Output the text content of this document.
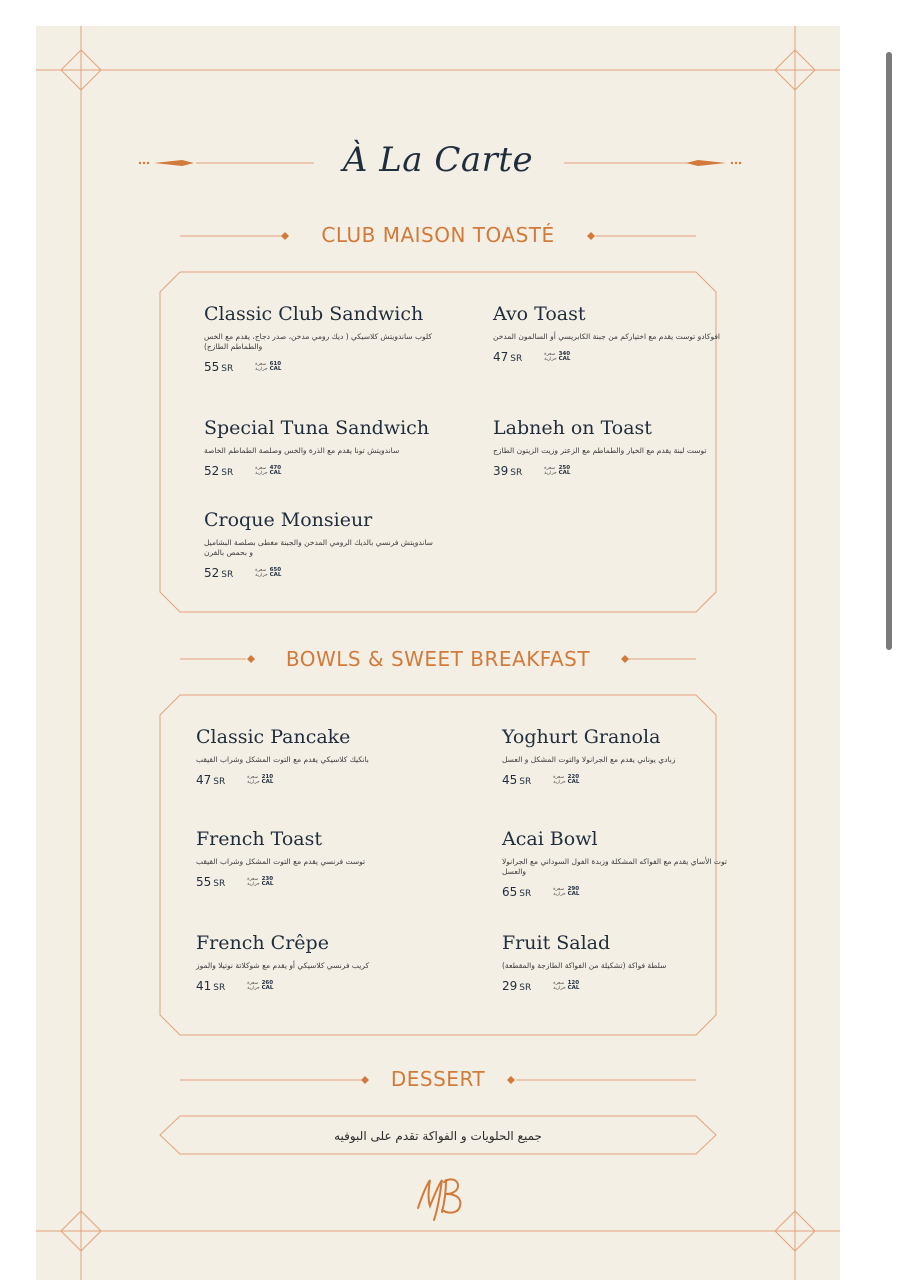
À La Carte
CLUB MAISON TOASTÉ
BOWLS & SWEET BREAKFAST
DESSERT
Classic Club Sandwich
كلوب ساندويتش كلاسيكي ( ديك رومي مدخن، صدر دجاج، يقدم مع الخس والطماطم الطازج)
55 SR	سعرة
حرارية
610
CAL
Avo Toast
افوكادو توست يقدم مع اختياركم من جبنة الكابريسي أو السالمون المدخن
47 SR	سعرة
حرارية
340
CAL
Special Tuna Sandwich
ساندويتش تونا يقدم مع الذرة والخس وصلصة الطماطم الخاصة
52 SR	سعرة
حرارية
470
CAL
Labneh on Toast
توست لبنة يقدم مع الخيار والطماطم مع الزعتر وزيت الزيتون الطازج
39 SR	سعرة
حرارية
250
CAL
Croque Monsieur
ساندويتش فرنسي بالديك الرومي المدخن والجبنة مغطى بصلصة البشاميل و بحمص بالفرن
52 SR	سعرة
حرارية
650
CAL
Classic Pancake
بانكيك كلاسيكي يقدم مع التوت المشكل وشراب القيقب
47 SR	سعرة
حرارية
210
CAL
Yoghurt Granola
زبادي يوناني يقدم مع الجرانولا والتوت المشكل و العسل
45 SR	سعرة
حرارية
220
CAL
French Toast
توست فرنسي يقدم مع التوت المشكل وشراب القيقب
55 SR	سعرة
حرارية
230
CAL
Acai Bowl
توت الأساي يقدم مع الفواكه المشكلة وزبدة الفول السوداني مع الجرانولا والعسل
65 SR	سعرة
حرارية
290
CAL
French Crêpe
كريب فرنسي كلاسيكي أو يقدم مع شوكلاتة نوتيلا والموز
41 SR	سعرة
حرارية
260
CAL
Fruit Salad
سلطة فواكة (تشكيلة من الفواكة الطازجة والمقطعة)
29 SR	سعرة
حرارية
120
CAL
جميع الحلويات و الفواكة تقدم على البوفيه
